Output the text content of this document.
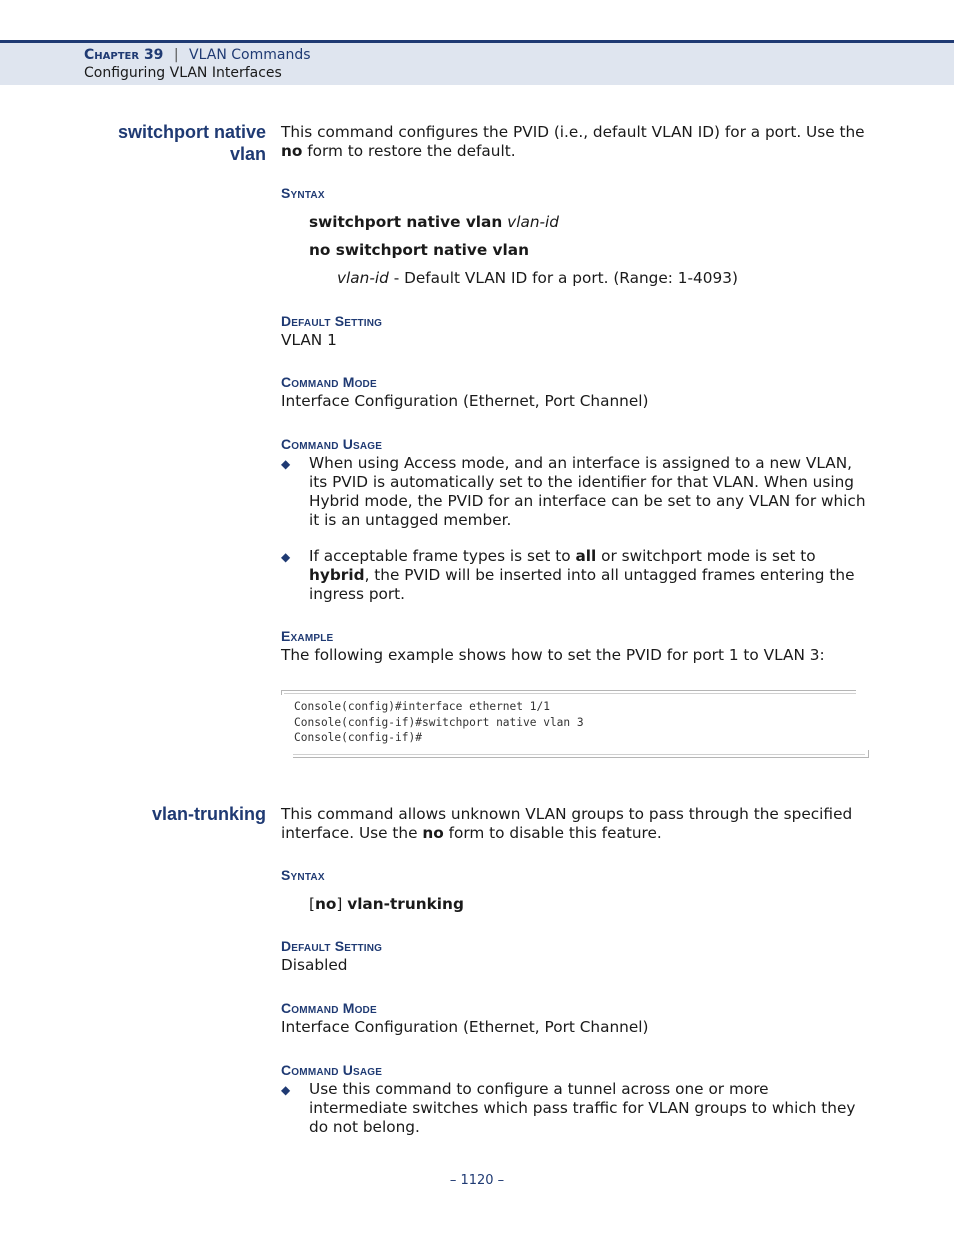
Chapter 39 | VLAN Commands
Configuring VLAN Interfaces
switchport native
vlan
This command configures the PVID (i.e., default VLAN ID) for a port. Use the no form to restore the default.
Syntax
switchport native vlan vlan-id
no switchport native vlan
vlan-id - Default VLAN ID for a port. (Range: 1-4093)
Default Setting
VLAN 1
Command Mode
Interface Configuration (Ethernet, Port Channel)
Command Usage
◆ When using Access mode, and an interface is assigned to a new VLAN, its PVID is automatically set to the identifier for that VLAN. When using Hybrid mode, the PVID for an interface can be set to any VLAN for which it is an untagged member.
◆ If acceptable frame types is set to all or switchport mode is set to hybrid, the PVID will be inserted into all untagged frames entering the ingress port.
Example
The following example shows how to set the PVID for port 1 to VLAN 3:
Console(config)#interface ethernet 1/1
Console(config-if)#switchport native vlan 3
Console(config-if)#
vlan-trunking This command allows unknown VLAN groups to pass through the specified interface. Use the no form to disable this feature.
Syntax
[no] vlan-trunking
Default Setting
Disabled
Command Mode
Interface Configuration (Ethernet, Port Channel)
Command Usage
◆ Use this command to configure a tunnel across one or more intermediate switches which pass traffic for VLAN groups to which they do not belong.
– 1120 –
